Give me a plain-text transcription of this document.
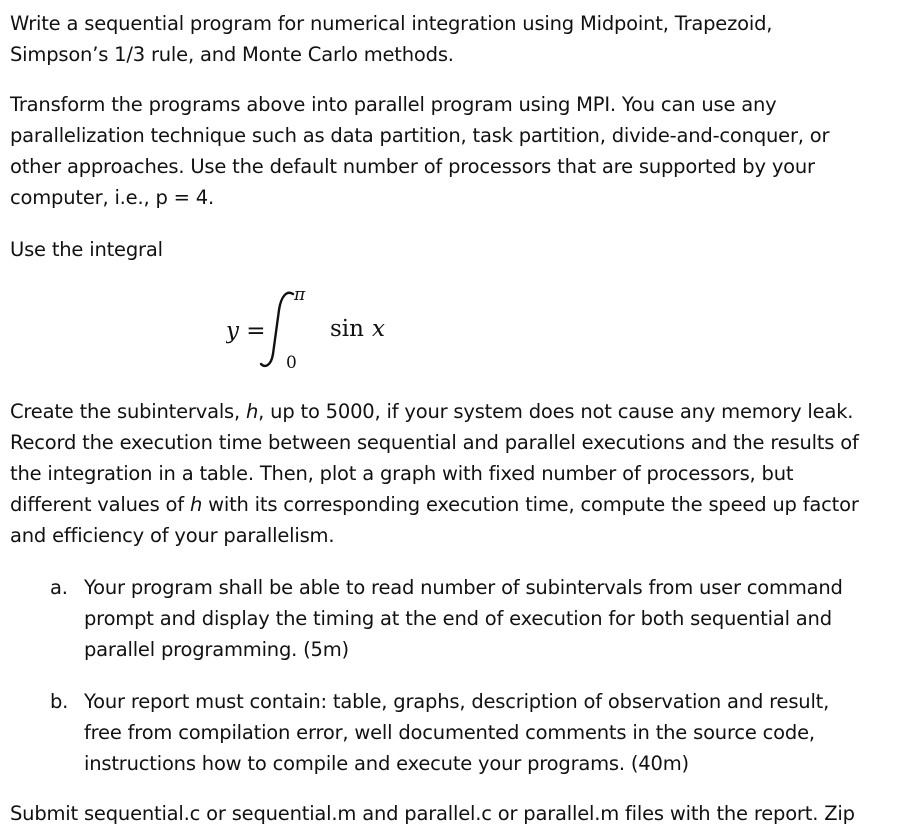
Write a sequential program for numerical integration using Midpoint, Trapezoid,
Simpson’s 1/3 rule, and Monte Carlo methods.

Transform the programs above into parallel program using MPI. You can use any
parallelization technique such as data partition, task partition, divide-and-conquer, or
other approaches. Use the default number of processors that are supported by your
computer, i.e., p = 4.

Use the integral

y =
π
0
sin x

Create the subintervals, h, up to 5000, if your system does not cause any memory leak.
Record the execution time between sequential and parallel executions and the results of
the integration in a table. Then, plot a graph with fixed number of processors, but
different values of h with its corresponding execution time, compute the speed up factor
and efficiency of your parallelism.

a. Your program shall be able to read number of subintervals from user command
prompt and display the timing at the end of execution for both sequential and
parallel programming. (5m)
b. Your report must contain: table, graphs, description of observation and result,
free from compilation error, well documented comments in the source code,
instructions how to compile and execute your programs. (40m)

Submit sequential.c or sequential.m and parallel.c or parallel.m files with the report. Zip
